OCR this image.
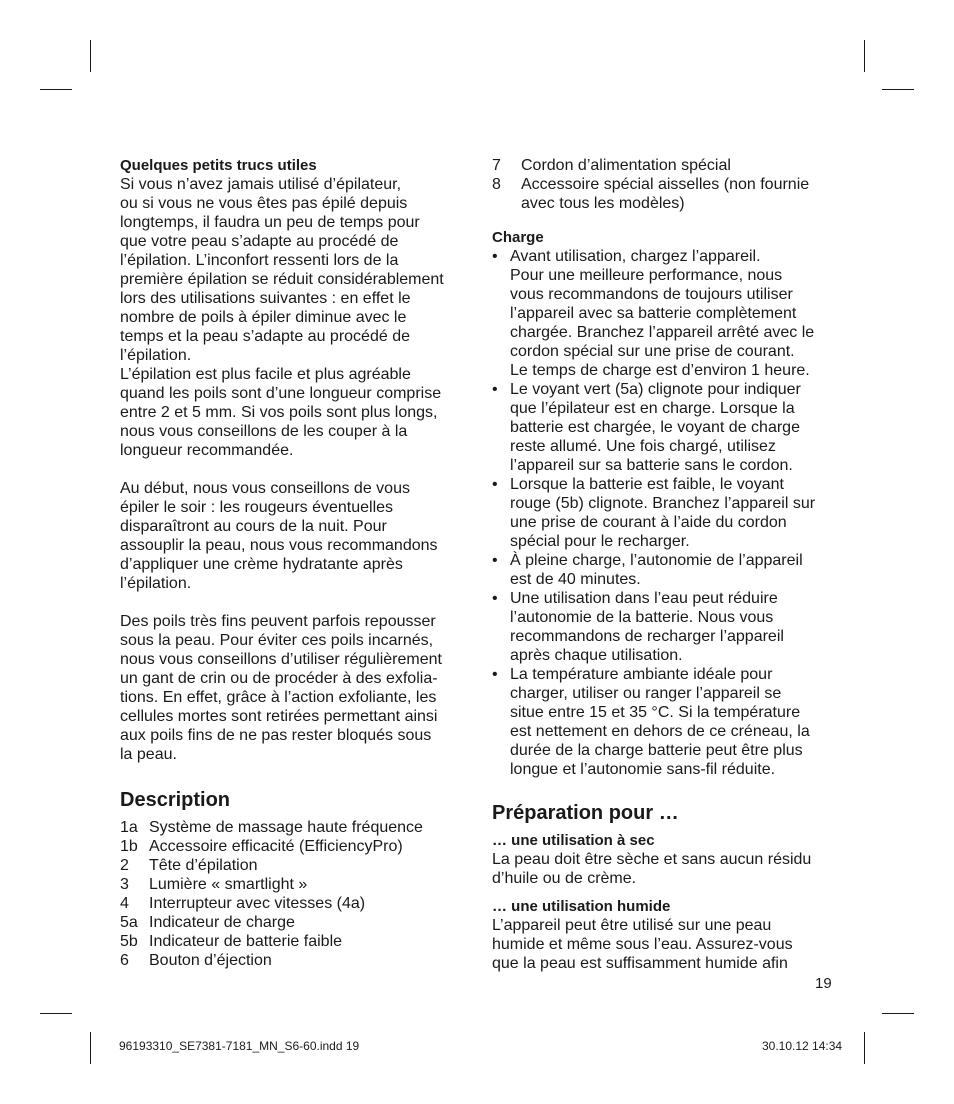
Quelques petits trucs utiles

Si vous n’avez jamais utilisé d’épilateur,
ou si vous ne vous êtes pas épilé depuis
longtemps, il faudra un peu de temps pour
que votre peau s’adapte au procédé de
l’épilation. L’inconfort ressenti lors de la
première épilation se réduit considérablement
lors des utilisations suivantes : en effet le
nombre de poils à épiler diminue avec le
temps et la peau s’adapte au procédé de
l’épilation.
L’épilation est plus facile et plus agréable
quand les poils sont d’une longueur comprise
entre 2 et 5 mm. Si vos poils sont plus longs,
nous vous conseillons de les couper à la
longueur recommandée.

Au début, nous vous conseillons de vous
épiler le soir : les rougeurs éventuelles
disparaîtront au cours de la nuit. Pour
assouplir la peau, nous vous recommandons
d’appliquer une crème hydratante après
l’épilation.

Des poils très fins peuvent parfois repousser
sous la peau. Pour éviter ces poils incarnés,
nous vous conseillons d’utiliser régulièrement
un gant de crin ou de procéder à des exfolia-
tions. En effet, grâce à l’action exfoliante, les
cellules mortes sont retirées permettant ainsi
aux poils fins de ne pas rester bloqués sous
la peau.

Description
1a Système de massage haute fréquence
1b Accessoire efficacité (EfficiencyPro)
2	Tête d’épilation
3	Lumière « smartlight »
4	Interrupteur avec vitesses (4a)
5a Indicateur de charge
5b Indicateur de batterie faible
6	Bouton d’éjection
7	Cordon d’alimentation spécial
8	Accessoire spécial aisselles (non fournie
avec tous les modèles)

Charge

• Avant utilisation, chargez l’appareil.
Pour une meilleure performance, nous
vous recommandons de toujours utiliser
l’appareil avec sa batterie complètement
chargée. Branchez l’appareil arrêté avec le
cordon spécial sur une prise de courant.
Le temps de charge est d’environ 1 heure.
• Le voyant vert (5a) clignote pour indiquer
que l’épilateur est en charge. Lorsque la
batterie est chargée, le voyant de charge
reste allumé. Une fois chargé, utilisez
l’appareil sur sa batterie sans le cordon.
• Lorsque la batterie est faible, le voyant
rouge (5b) clignote. Branchez l’appareil sur
une prise de courant à l’aide du cordon
spécial pour le recharger.
• À pleine charge, l’autonomie de l’appareil
est de 40 minutes.
• Une utilisation dans l’eau peut réduire
l’autonomie de la batterie. Nous vous
recommandons de recharger l’appareil
après chaque utilisation.
• La température ambiante idéale pour
charger, utiliser ou ranger l’appareil se
situe entre 15 et 35 °C. Si la température
est nettement en dehors de ce créneau, la
durée de la charge batterie peut être plus
longue et l’autonomie sans-fil réduite.
Préparation pour …

… une utilisation à sec

La peau doit être sèche et sans aucun résidu
d’huile ou de crème.

… une utilisation humide

L’appareil peut être utilisé sur une peau
humide et même sous l’eau. Assurez-vous
que la peau est suffisamment humide afin

19
96193310_SE7381-7181_MN_S6-60.indd 19	30.10.12 14:34
